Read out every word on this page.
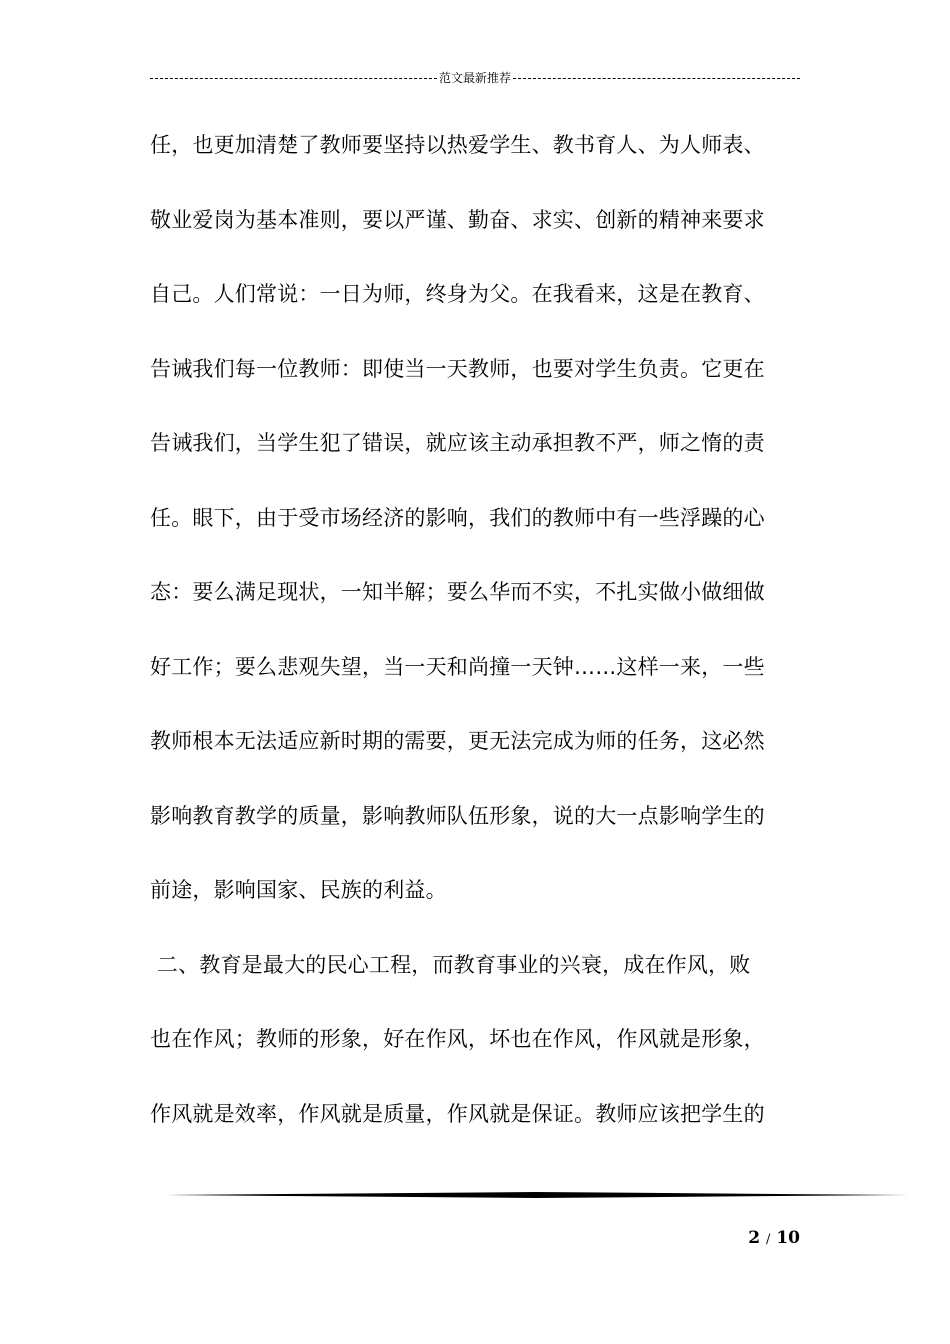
范文最新推荐
任，也更加清楚了教师要坚持以热爱学生、教书育人、为人师表、
敬业爱岗为基本准则，要以严谨、勤奋、求实、创新的精神来要求
自己。人们常说：一日为师，终身为父。在我看来，这是在教育、
告诫我们每一位教师：即使当一天教师，也要对学生负责。它更在
告诫我们，当学生犯了错误，就应该主动承担教不严，师之惰的责
任。眼下，由于受市场经济的影响，我们的教师中有一些浮躁的心
态：要么满足现状，一知半解；要么华而不实，不扎实做小做细做
好工作；要么悲观失望，当一天和尚撞一天钟……这样一来，一些
教师根本无法适应新时期的需要，更无法完成为师的任务，这必然
影响教育教学的质量，影响教师队伍形象，说的大一点影响学生的
前途，影响国家、民族的利益。
二、教育是最大的民心工程，而教育事业的兴衰，成在作风，败
也在作风；教师的形象，好在作风，坏也在作风，作风就是形象，
作风就是效率，作风就是质量，作风就是保证。教师应该把学生的
2 / 10
